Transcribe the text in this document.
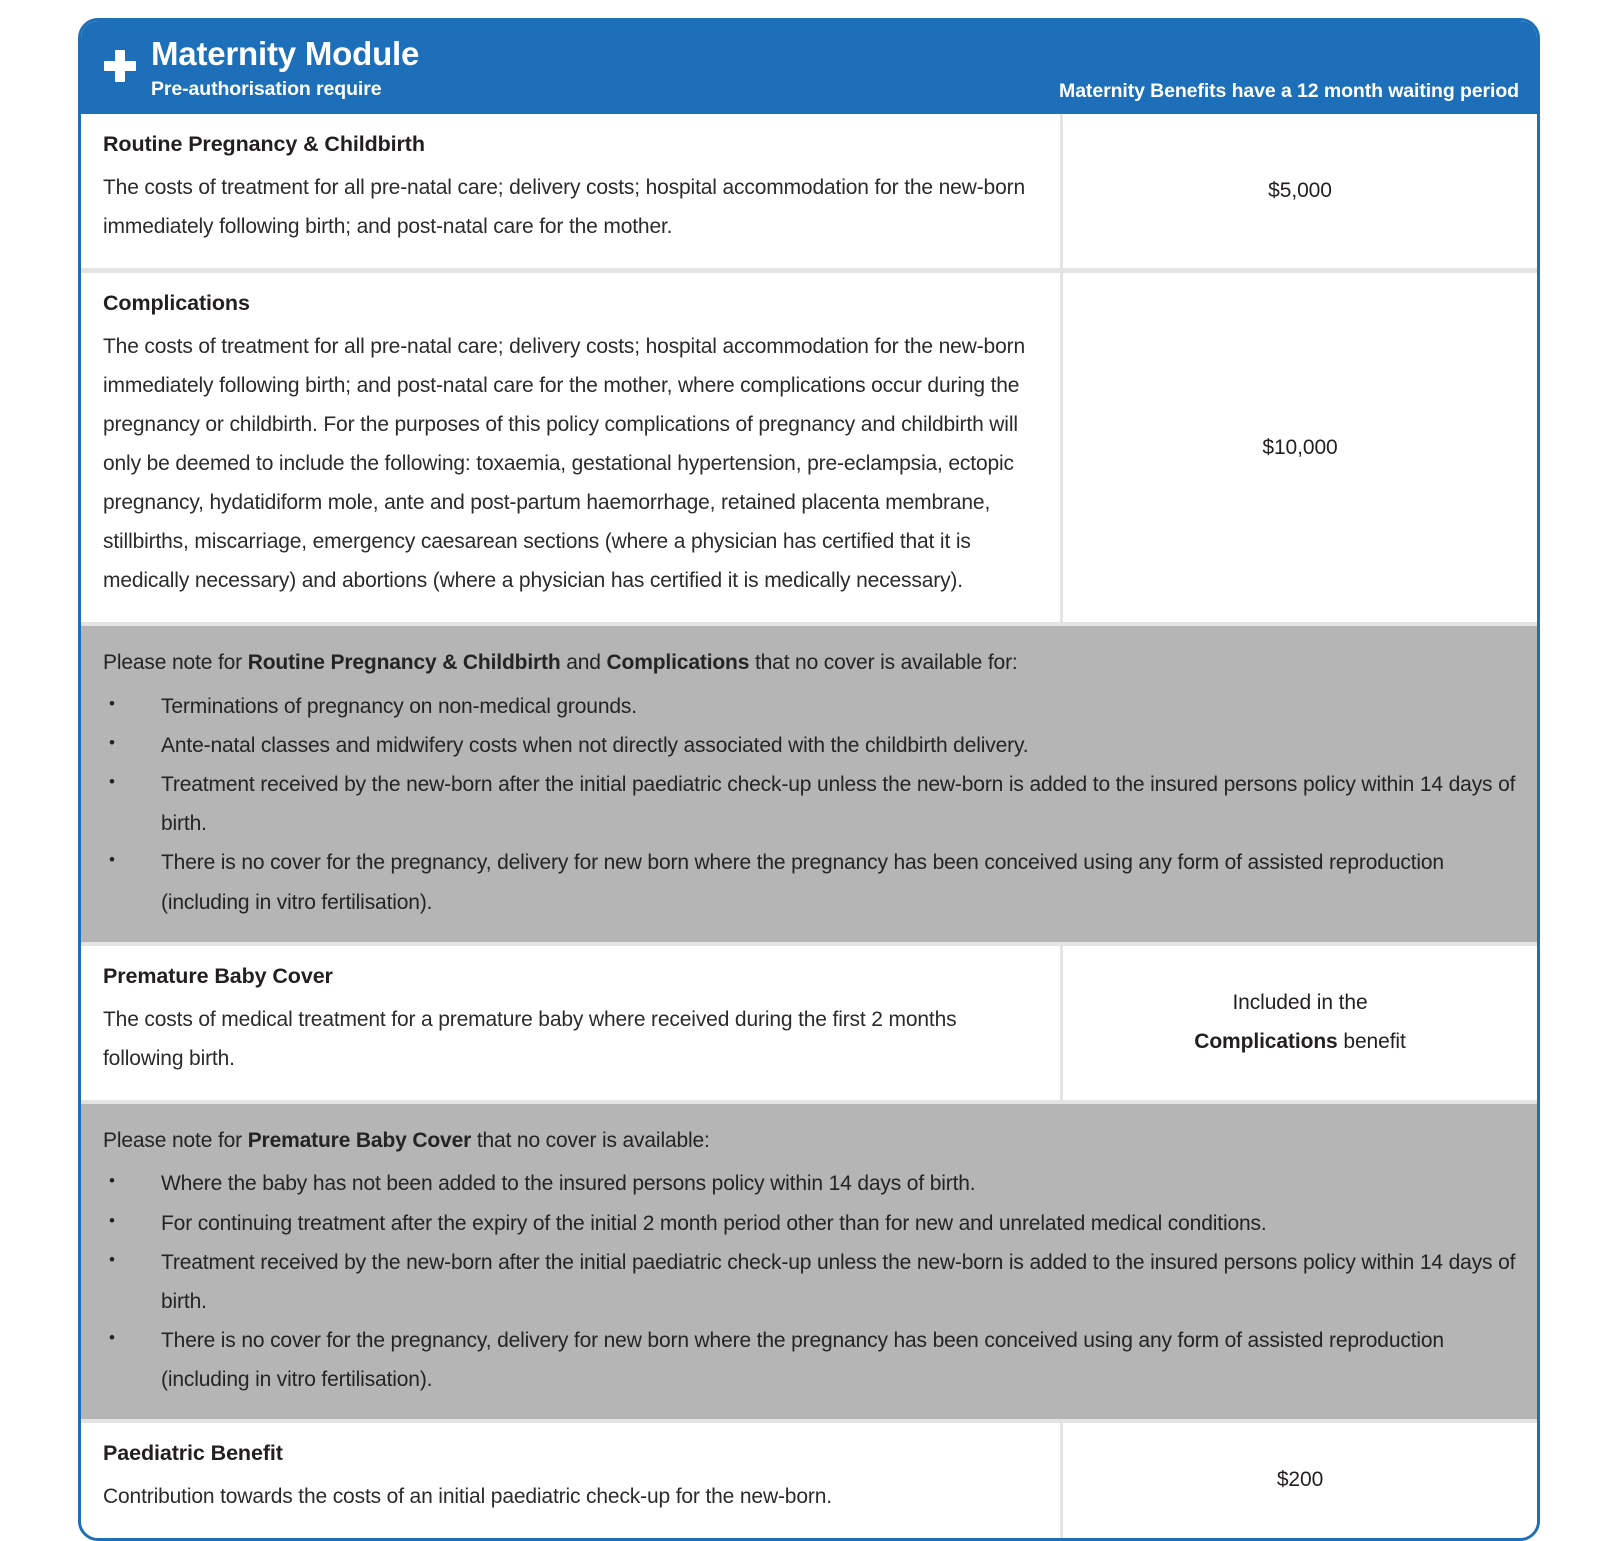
Maternity Module
Pre-authorisation require	Maternity Benefits have a 12 month waiting period
Routine Pregnancy & Childbirth
The costs of treatment for all pre-natal care; delivery costs; hospital accommodation for the new-born immediately following birth; and post-natal care for the mother.
$5,000
Complications
The costs of treatment for all pre-natal care; delivery costs; hospital accommodation for the new-born immediately following birth; and post-natal care for the mother, where complications occur during the pregnancy or childbirth. For the purposes of this policy complications of pregnancy and childbirth will only be deemed to include the following: toxaemia, gestational hypertension, pre-eclampsia, ectopic pregnancy, hydatidiform mole, ante and post-partum haemorrhage, retained placenta membrane, stillbirths, miscarriage, emergency caesarean sections (where a physician has certified that it is medically necessary) and abortions (where a physician has certified it is medically necessary).
$10,000
Please note for Routine Pregnancy & Childbirth and Complications that no cover is available for:
• Terminations of pregnancy on non-medical grounds.
• Ante-natal classes and midwifery costs when not directly associated with the childbirth delivery.
• Treatment received by the new-born after the initial paediatric check-up unless the new-born is added to the insured persons policy within 14 days of birth.
• There is no cover for the pregnancy, delivery for new born where the pregnancy has been conceived using any form of assisted reproduction (including in vitro fertilisation).
Premature Baby Cover
The costs of medical treatment for a premature baby where received during the first 2 months following birth.
Included in the
Complications benefit
Please note for Premature Baby Cover that no cover is available:
• Where the baby has not been added to the insured persons policy within 14 days of birth.
• For continuing treatment after the expiry of the initial 2 month period other than for new and unrelated medical conditions.
• Treatment received by the new-born after the initial paediatric check-up unless the new-born is added to the insured persons policy within 14 days of birth.
• There is no cover for the pregnancy, delivery for new born where the pregnancy has been conceived using any form of assisted reproduction (including in vitro fertilisation).
Paediatric Benefit
Contribution towards the costs of an initial paediatric check-up for the new-born.
$200
